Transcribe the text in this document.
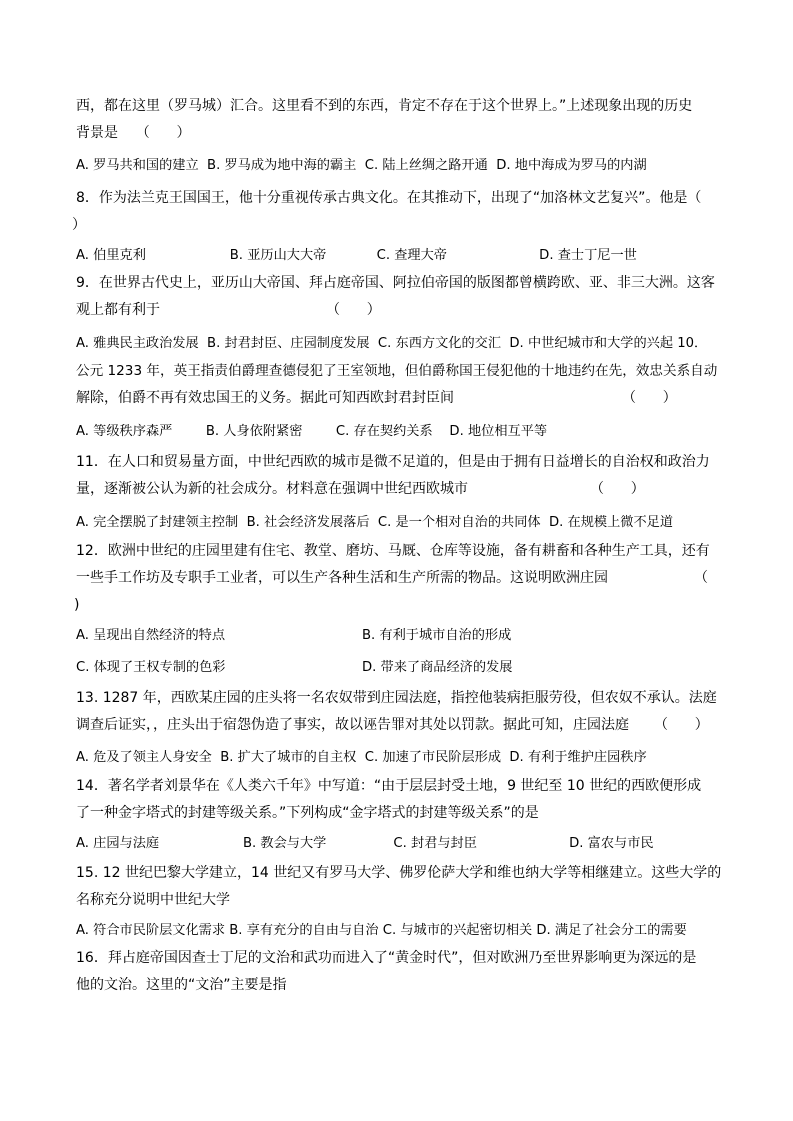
西，都在这里（罗马城）汇合。这里看不到的东西，肯定不存在于这个世界上。”上述现象出现的历史
背景是    （      ）
A. 罗马共和国的建立  B. 罗马成为地中海的霸主  C. 陆上丝绸之路开通  D. 地中海成为罗马的内湖
8．作为法兰克王国国王，他十分重视传承古典文化。在其推动下，出现了“加洛林文艺复兴”。他是（
）
A. 伯里克利                    B. 亚历山大大帝            C. 查理大帝                      D. 查士丁尼一世
9．在世界古代史上，亚历山大帝国、拜占庭帝国、阿拉伯帝国的版图都曾横跨欧、亚、非三大洲。这客
观上都有利于	（      ）
A. 雅典民主政治发展  B. 封君封臣、庄园制度发展  C. 东西方文化的交汇  D. 中世纪城市和大学的兴起 10．
公元 1233 年，英王指责伯爵理查德侵犯了王室领地，但伯爵称国王侵犯他的十地违约在先，效忠关系自动
解除，伯爵不再有效忠国王的义务。据此可知西欧封君封臣间	（      ）
A. 等级秩序森严        B. 人身依附紧密        C. 存在契约关系    D. 地位相互平等
11．在人口和贸易量方面，中世纪西欧的城市是微不足道的，但是由于拥有日益增长的自治权和政治力
量，逐渐被公认为新的社会成分。材料意在强调中世纪西欧城市	（      ）
A. 完全摆脱了封建领主控制  B. 社会经济发展落后  C. 是一个相对自治的共同体  D. 在规模上微不足道
12．欧洲中世纪的庄园里建有住宅、教堂、磨坊、马厩、仓库等设施，备有耕畜和各种生产工具，还有
一些手工作坊及专职手工业者，可以生产各种生活和生产所需的物品。这说明欧洲庄园	（
)
A. 呈现出自然经济的特点	B. 有利于城市自治的形成
C. 体现了王权专制的色彩	D. 带来了商品经济的发展
13. 1287 年，西欧某庄园的庄头将一名农奴带到庄园法庭，指控他装病拒服劳役，但农奴不承认。法庭
调查后证实，，庄头出于宿怨伪造了事实，故以诬告罪对其处以罚款。据此可知，庄园法庭 （      ）
A. 危及了领主人身安全  B. 扩大了城市的自主权  C. 加速了市民阶层形成  D. 有利于维护庄园秩序
14．著名学者刘景华在《人类六千年》中写道：“由于层层封受土地，9 世纪至 10 世纪的西欧便形成
了一种金字塔式的封建等级关系。”下列构成“金字塔式的封建等级关系”的是
A. 庄园与法庭                    B. 教会与大学                C. 封君与封臣                      D. 富农与市民
15. 12 世纪巴黎大学建立，14 世纪又有罗马大学、佛罗伦萨大学和维也纳大学等相继建立。这些大学的
名称充分说明中世纪大学
A. 符合市民阶层文化需求 B. 享有充分的自由与自治 C. 与城市的兴起密切相关 D. 满足了社会分工的需要
16．拜占庭帝国因查士丁尼的文治和武功而进入了“黄金时代”，但对欧洲乃至世界影响更为深远的是
他的文治。这里的“文治”主要是指
